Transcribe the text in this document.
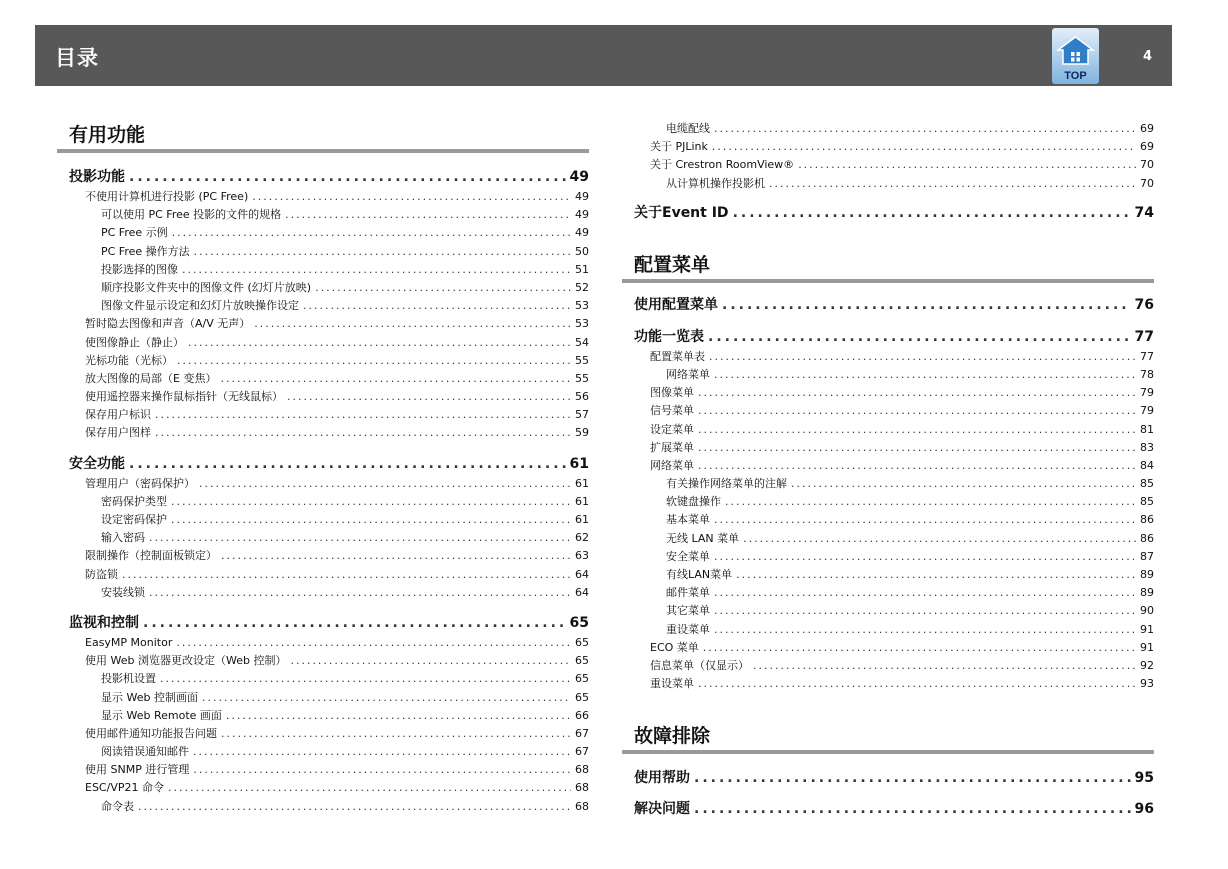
目录
TOP
4
有用功能
投影功能 .....	49
不使用计算机进行投影 (PC Free) .....	49
可以使用 PC Free 投影的文件的规格 .....	49
PC Free 示例 .....	49
PC Free 操作方法 .....	50
投影选择的图像 .....	51
顺序投影文件夹中的图像文件 (幻灯片放映) .....	52
图像文件显示设定和幻灯片放映操作设定 .....	53
暂时隐去图像和声音（A/V 无声） .....	53
使图像静止（静止） .....	54
光标功能（光标） .....	55
放大图像的局部（E 变焦） .....	55
使用遥控器来操作鼠标指针（无线鼠标） .....	56
保存用户标识 .....	57
保存用户图样 .....	59
安全功能 .....	61
管理用户（密码保护） .....	61
密码保护类型 .....	61
设定密码保护 .....	61
输入密码 .....	62
限制操作（控制面板锁定） .....	63
防盗锁 .....	64
安装线锁 .....	64
监视和控制 .....	65
EasyMP Monitor .....	65
使用 Web 浏览器更改设定（Web 控制） .....	65
投影机设置 .....	65
显示 Web 控制画面 .....	65
显示 Web Remote 画面 .....	66
使用邮件通知功能报告问题 .....	67
阅读错误通知邮件 .....	67
使用 SNMP 进行管理 .....	68
ESC/VP21 命令 .....	68
命令表 .....	68
电缆配线 .....	69
关于 PJLink .....	69
关于 Crestron RoomView® .....	70
从计算机操作投影机 .....	70
关于Event ID .....	74
配置菜单
使用配置菜单 .....	76
功能一览表 .....	77
配置菜单表 .....	77
网络菜单 .....	78
图像菜单 .....	79
信号菜单 .....	79
设定菜单 .....	81
扩展菜单 .....	83
网络菜单 .....	84
有关操作网络菜单的注解 .....	85
软键盘操作 .....	85
基本菜单 .....	86
无线 LAN 菜单 .....	86
安全菜单 .....	87
有线LAN菜单 .....	89
邮件菜单 .....	89
其它菜单 .....	90
重设菜单 .....	91
ECO 菜单 .....	91
信息菜单（仅显示） .....	92
重设菜单 .....	93
故障排除
使用帮助 .....	95
解决问题 .....	96
